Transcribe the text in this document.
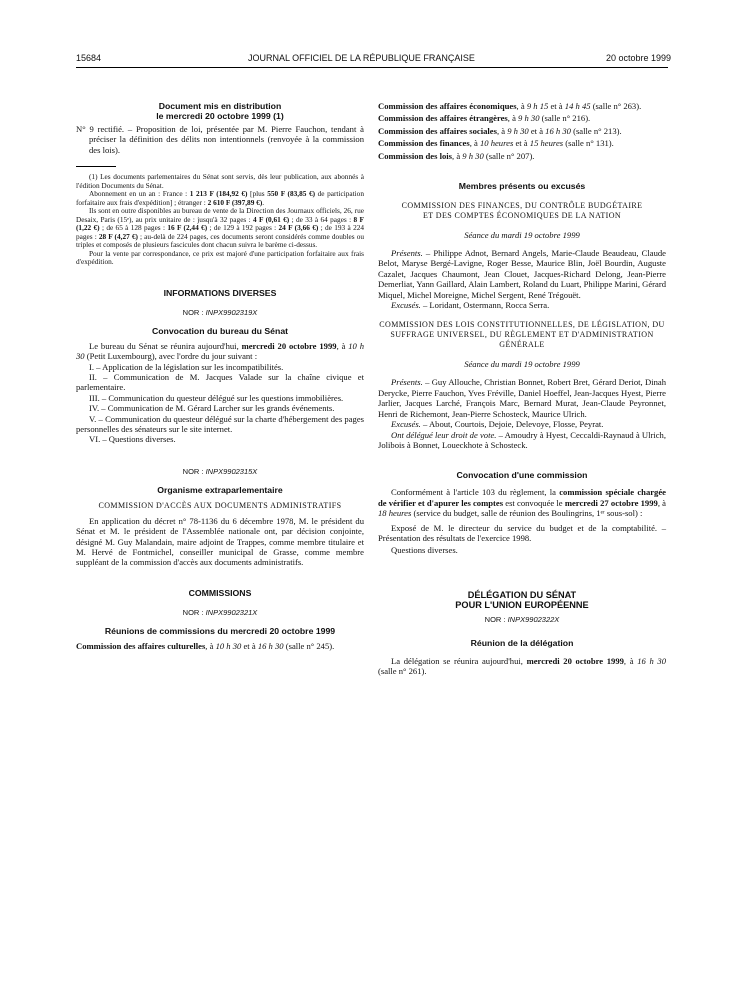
15684	JOURNAL OFFICIEL DE LA RÉPUBLIQUE FRANÇAISE	20 octobre 1999

Document mis en distribution
le mercredi 20 octobre 1999 (1)

N° 9 rectifié. – Proposition de loi, présentée par M. Pierre Fauchon, tendant à préciser la définition des délits non intentionnels (renvoyée à la commission des lois).

(1) Les documents parlementaires du Sénat sont servis, dès leur publication, aux abonnés à l'édition Documents du Sénat.

Abonnement en un an : France : 1 213 F (184,92 €) [plus 550 F (83,85 €) de participation forfaitaire aux frais d'expédition] ; étranger : 2 610 F (397,89 €).

Ils sont en outre disponibles au bureau de vente de la Direction des Journaux officiels, 26, rue Desaix, Paris (15ᵉ), au prix unitaire de : jusqu'à 32 pages : 4 F (0,61 €) ; de 33 à 64 pages : 8 F (1,22 €) ; de 65 à 128 pages : 16 F (2,44 €) ; de 129 à 192 pages : 24 F (3,66 €) ; de 193 à 224 pages : 28 F (4,27 €) ; au-delà de 224 pages, ces documents seront considérés comme doubles ou triples et composés de plusieurs fascicules dont chacun suivra le barème ci-dessus.

Pour la vente par correspondance, ce prix est majoré d'une participation forfaitaire aux frais d'expédition.

INFORMATIONS DIVERSES

NOR : INPX9902319X

Convocation du bureau du Sénat

Le bureau du Sénat se réunira aujourd'hui, mercredi 20 octobre 1999, à 10 h 30 (Petit Luxembourg), avec l'ordre du jour suivant :

I. – Application de la législation sur les incompatibilités.

II. – Communication de M. Jacques Valade sur la chaîne civique et parlementaire.

III. – Communication du questeur délégué sur les questions immobilières.

IV. – Communication de M. Gérard Larcher sur les grands événements.

V. – Communication du questeur délégué sur la charte d'hébergement des pages personnelles des sénateurs sur le site internet.

VI. – Questions diverses.

NOR : INPX9902315X

Organisme extraparlementaire

COMMISSION D'ACCÈS AUX DOCUMENTS ADMINISTRATIFS

En application du décret n° 78-1136 du 6 décembre 1978, M. le président du Sénat et M. le président de l'Assemblée nationale ont, par décision conjointe, désigné M. Guy Malandain, maire adjoint de Trappes, comme membre titulaire et M. Hervé de Fontmichel, conseiller municipal de Grasse, comme membre suppléant de la commission d'accès aux documents administratifs.

COMMISSIONS

NOR : INPX9902321X

Réunions de commissions du mercredi 20 octobre 1999

Commission des affaires culturelles, à 10 h 30 et à 16 h 30 (salle n° 245).

Commission des affaires économiques, à 9 h 15 et à 14 h 45 (salle n° 263).

Commission des affaires étrangères, à 9 h 30 (salle n° 216).

Commission des affaires sociales, à 9 h 30 et à 16 h 30 (salle n° 213).

Commission des finances, à 10 heures et à 15 heures (salle n° 131).

Commission des lois, à 9 h 30 (salle n° 207).

Membres présents ou excusés

COMMISSION DES FINANCES, DU CONTRÔLE BUDGÉTAIRE
ET DES COMPTES ÉCONOMIQUES DE LA NATION

Séance du mardi 19 octobre 1999

Présents. – Philippe Adnot, Bernard Angels, Marie-Claude Beaudeau, Claude Belot, Maryse Bergé-Lavigne, Roger Besse, Maurice Blin, Joël Bourdin, Auguste Cazalet, Jacques Chaumont, Jean Clouet, Jacques-Richard Delong, Jean-Pierre Demerliat, Yann Gaillard, Alain Lambert, Roland du Luart, Philippe Marini, Gérard Miquel, Michel Moreigne, Michel Sergent, René Trégouët.

Excusés. – Loridant, Ostermann, Rocca Serra.

COMMISSION DES LOIS CONSTITUTIONNELLES, DE LÉGISLATION, DU SUFFRAGE UNIVERSEL, DU RÈGLEMENT ET D'ADMINISTRATION GÉNÉRALE

Séance du mardi 19 octobre 1999

Présents. – Guy Allouche, Christian Bonnet, Robert Bret, Gérard Deriot, Dinah Derycke, Pierre Fauchon, Yves Fréville, Daniel Hoeffel, Jean-Jacques Hyest, Pierre Jarlier, Jacques Larché, François Marc, Bernard Murat, Jean-Claude Peyronnet, Henri de Richemont, Jean-Pierre Schosteck, Maurice Ulrich.

Excusés. – About, Courtois, Dejoie, Delevoye, Flosse, Peyrat.

Ont délégué leur droit de vote. – Amoudry à Hyest, Ceccaldi-Raynaud à Ulrich, Jolibois à Bonnet, Loueckhote à Schosteck.

Convocation d'une commission

Conformément à l'article 103 du règlement, la commission spéciale chargée de vérifier et d'apurer les comptes est convoquée le mercredi 27 octobre 1999, à 18 heures (service du budget, salle de réunion des Boulingrins, 1ᵉʳ sous-sol) :

Exposé de M. le directeur du service du budget et de la comptabilité. – Présentation des résultats de l'exercice 1998.

Questions diverses.

DÉLÉGATION DU SÉNAT
POUR L'UNION EUROPÉENNE

NOR : INPX9902322X

Réunion de la délégation

La délégation se réunira aujourd'hui, mercredi 20 octobre 1999, à 16 h 30 (salle n° 261).
